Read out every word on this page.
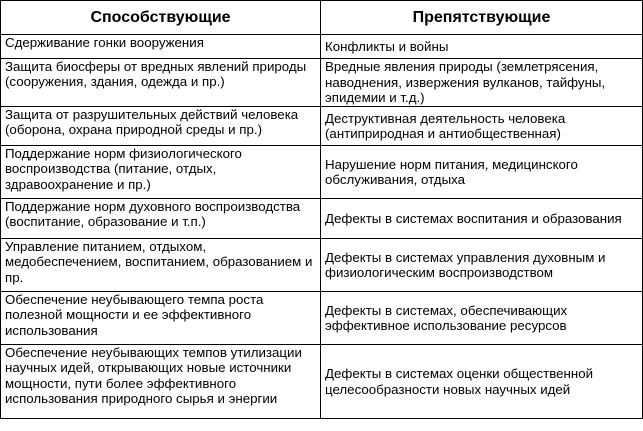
Способствующие	Препятствующие
Сдерживание гонки вооружения	Конфликты и войны
Защита биосферы от вредных явлений природы (сооружения, здания, одежда и пр.)	Вредные явления природы (землетрясения, наводнения, извержения вулканов, тайфуны, эпидемии и т.д.)
Защита от разрушительных действий человека (оборона, охрана природной среды и пр.)	Деструктивная деятельность человека (антиприродная и антиобщественная)
Поддержание норм физиологического воспроизводства (питание, отдых, здравоохранение и пр.)	Нарушение норм питания, медицинского обслуживания, отдыха
Поддержание норм духовного воспроизводства (воспитание, образование и т.п.)	Дефекты в системах воспитания и образования
Управление питанием, отдыхом, медобеспечением, воспитанием, образованием и пр.	Дефекты в системах управления духовным и физиологическим воспроизводством
Обеспечение неубывающего темпа роста полезной мощности и ее эффективного использования	Дефекты в системах, обеспечивающих эффективное использование ресурсов
Обеспечение неубывающих темпов утилизации научных идей, открывающих новые источники мощности, пути более эффективного использования природного сырья и энергии	Дефекты в системах оценки общественной целесообразности новых научных идей
